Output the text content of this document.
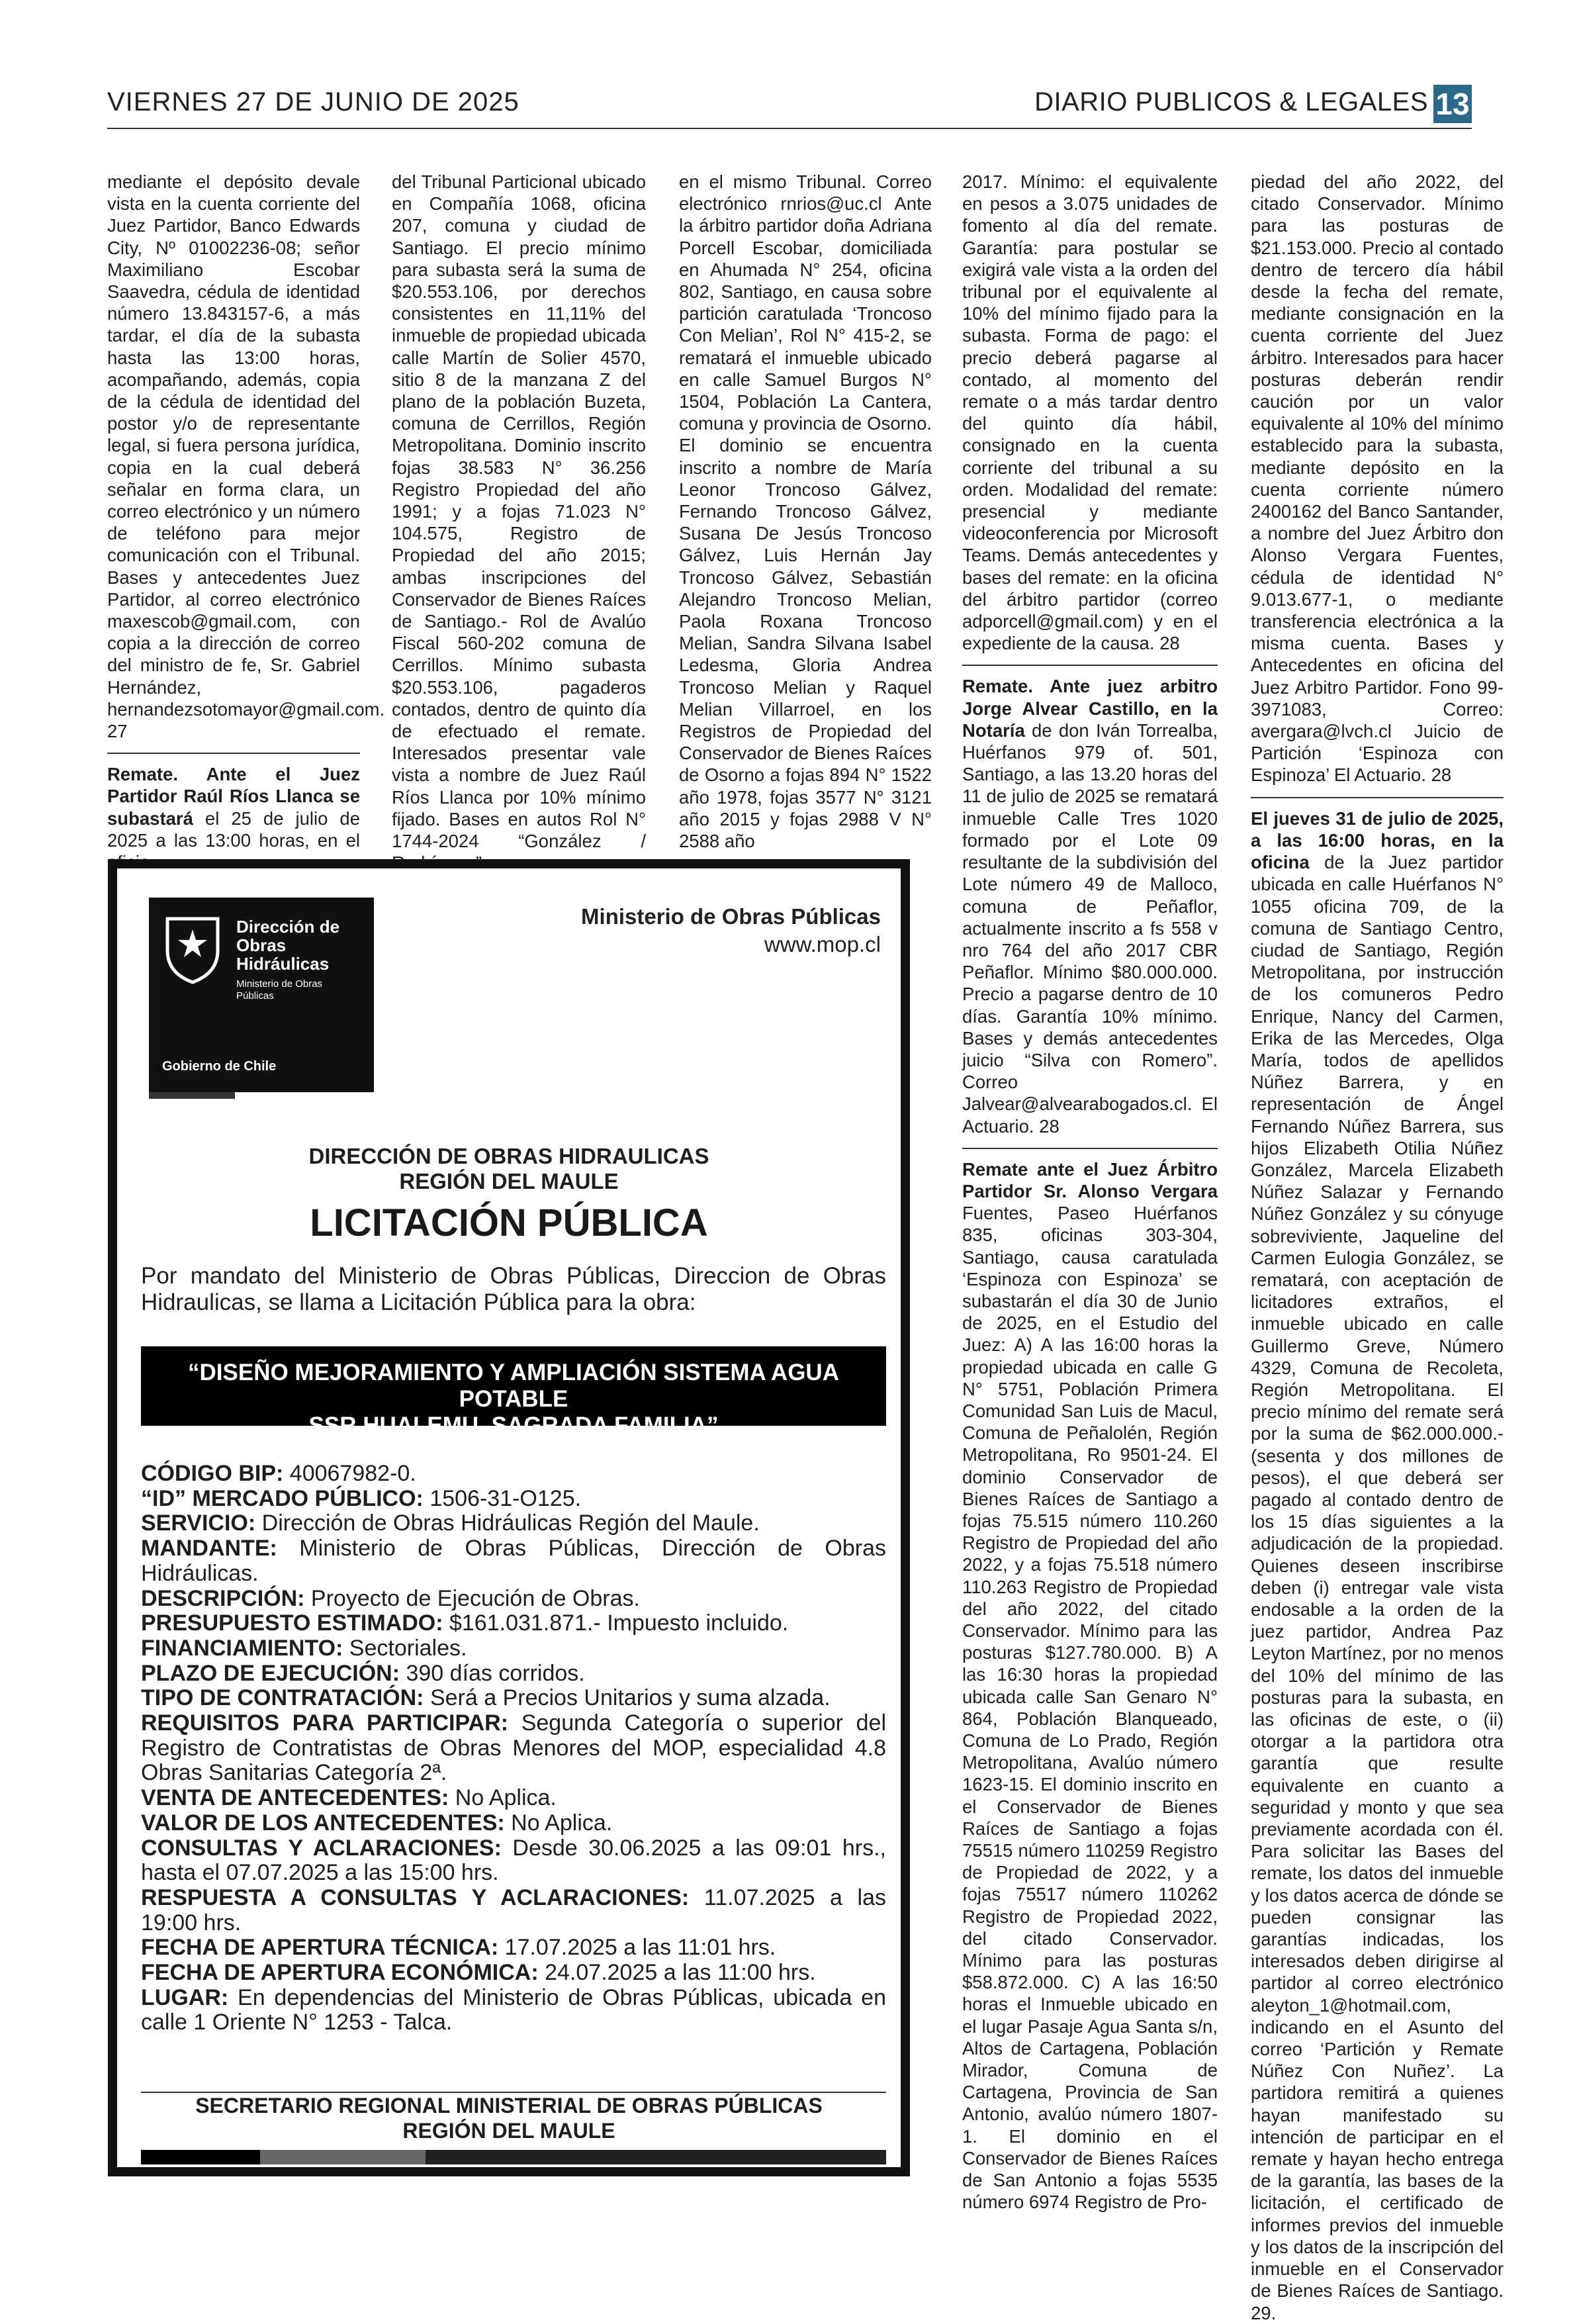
VIERNES 27 DE JUNIO DE 2025	DIARIO PUBLICOS & LEGALES 13

mediante el depósito devale vista en la cuenta corriente del Juez Partidor, Banco Edwards City, Nº 01002236-08; señor Maximiliano Escobar Saavedra, cédula de identidad número 13.843157-6, a más tardar, el día de la subasta hasta las 13:00 horas, acompañando, además, copia de la cédula de identidad del postor y/o de representante legal, si fuera persona jurídica, copia en la cual deberá señalar en forma clara, un correo electrónico y un número de teléfono para mejor comunicación con el Tribunal. Bases y antecedentes Juez Partidor, al correo electrónico maxescob@gmail.com, con copia a la dirección de correo del ministro de fe, Sr. Gabriel Hernández, hernandezsotomayor@gmail.com. 27

Remate. Ante el Juez Partidor Raúl Ríos Llanca se subastará el 25 de julio de 2025 a las 13:00 horas, en el

del Tribunal Particional ubicado en Compañía 1068, oficina 207, comuna y ciudad de Santiago. El precio mínimo para subasta será la suma de $20.553.106, por derechos consistentes en 11,11% del inmueble de propiedad ubicada calle Martín de Solier 4570, sitio 8 de la manzana Z del plano de la población Buzeta, comuna de Cerrillos, Región Metropolitana. Dominio inscrito fojas 38.583 N° 36.256 Registro Propiedad del año 1991; y a fojas 71.023 N° 104.575, Registro de Propiedad del año 2015; ambas inscripciones del Conservador de Bienes Raíces de Santiago.- Rol de Avalúo Fiscal 560-202 comuna de Cerrillos. Mínimo subasta $20.553.106, pagaderos contados, dentro de quinto día de efectuado el remate. Interesados presentar vale vista a nombre de Juez Raúl Ríos Llanca por 10% mínimo fijado. Bases en autos Rol N° 1744-2024 “González /

en el mismo Tribunal. Correo electrónico rnrios@uc.cl Ante la árbitro partidor doña Adriana Porcell Escobar, domiciliada en Ahumada N° 254, oficina 802, Santiago, en causa sobre partición caratulada ‘Troncoso Con Melian’, Rol N° 415-2, se rematará el inmueble ubicado en calle Samuel Burgos N° 1504, Población La Cantera, comuna y provincia de Osorno. El dominio se encuentra inscrito a nombre de María Leonor Troncoso Gálvez, Fernando Troncoso Gálvez, Susana De Jesús Troncoso Gálvez, Luis Hernán Jay Troncoso Gálvez, Sebastián Alejandro Troncoso Melian, Paola Roxana Troncoso Melian, Sandra Silvana Isabel Ledesma, Gloria Andrea Troncoso Melian y Raquel Melian Villarroel, en los Registros de Propiedad del Conservador de Bienes Raíces de Osorno a fojas 894 N° 1522 año 1978, fojas 3577 N° 3121 año 2015 y fojas 2988 V N° 2588 año

2017. Mínimo: el equivalente en pesos a 3.075 unidades de fomento al día del remate. Garantía: para postular se exigirá vale vista a la orden del tribunal por el equivalente al 10% del mínimo fijado para la subasta. Forma de pago: el precio deberá pagarse al contado, al momento del remate o a más tardar dentro del quinto día hábil, consignado en la cuenta corriente del tribunal a su orden. Modalidad del remate: presencial y mediante videoconferencia por Microsoft Teams. Demás antecedentes y bases del remate: en la oficina del árbitro partidor (correo adporcell@gmail.com) y en el expediente de la causa. 28

Remate. Ante juez arbitro Jorge Alvear Castillo, en la Notaría de don Iván Torrealba, Huérfanos 979 of. 501, Santiago, a las 13.20 horas del 11 de julio de 2025 se rematará inmueble Calle Tres 1020 formado por el Lote 09 resultante de la subdivisión del Lote número 49 de Malloco, comuna de Peñaflor, actualmente inscrito a fs 558 v nro 764 del año 2017 CBR Peñaflor. Mínimo $80.000.000. Precio a pagarse dentro de 10 días. Garantía 10% mínimo. Bases y demás antecedentes juicio “Silva con Romero”. Correo Jalvear@alvearabogados.cl. El Actuario. 28

Remate ante el Juez Árbitro Partidor Sr. Alonso Vergara Fuentes, Paseo Huérfanos 835, oficinas 303-304, Santiago, causa caratulada ‘Espinoza con Espinoza’ se subastarán el día 30 de Junio de 2025, en el Estudio del Juez: A) A las 16:00 horas la propiedad ubicada en calle G N° 5751, Población Primera Comunidad San Luis de Macul, Comuna de Peñalolén, Región Metropolitana, Ro 9501-24. El dominio Conservador de Bienes Raíces de Santiago a fojas 75.515 número 110.260 Registro de Propiedad del año 2022, y a fojas 75.518 número 110.263 Registro de Propiedad del año 2022, del citado Conservador. Mínimo para las posturas $127.780.000. B) A las 16:30 horas la propiedad ubicada calle San Genaro N° 864, Población Blanqueado, Comuna de Lo Prado, Región Metropolitana, Avalúo número 1623-15. El dominio inscrito en el Conservador de Bienes Raíces de Santiago a fojas 75515 número 110259 Registro de Propiedad de 2022, y a fojas 75517 número 110262 Registro de Propiedad 2022, del citado Conservador. Mínimo para las posturas $58.872.000. C) A las 16:50 horas el Inmueble ubicado en el lugar Pasaje Agua Santa s/n, Altos de Cartagena, Población Mirador, Comuna de Cartagena, Provincia de San Antonio, avalúo número 1807-1. El dominio en el Conservador de Bienes Raíces de San Antonio a fojas 5535 número 6974 Registro de Pro-

piedad del año 2022, del citado Conservador. Mínimo para las posturas de $21.153.000. Precio al contado dentro de tercero día hábil desde la fecha del remate, mediante consignación en la cuenta corriente del Juez árbitro. Interesados para hacer posturas deberán rendir caución por un valor equivalente al 10% del mínimo establecido para la subasta, mediante depósito en la cuenta corriente número 2400162 del Banco Santander, a nombre del Juez Árbitro don Alonso Vergara Fuentes, cédula de identidad N° 9.013.677-1, o mediante transferencia electrónica a la misma cuenta. Bases y Antecedentes en oficina del Juez Arbitro Partidor. Fono 99-3971083, Correo: avergara@lvch.cl Juicio de Partición ‘Espinoza con Espinoza’ El Actuario. 28

El jueves 31 de julio de 2025, a las 16:00 horas, en la oficina de la Juez partidor ubicada en calle Huérfanos N° 1055 oficina 709, de la comuna de Santiago Centro, ciudad de Santiago, Región Metropolitana, por instrucción de los comuneros Pedro Enrique, Nancy del Carmen, Erika de las Mercedes, Olga María, todos de apellidos Núñez Barrera, y en representación de Ángel Fernando Núñez Barrera, sus hijos Elizabeth Otilia Núñez González, Marcela Elizabeth Núñez Salazar y Fernando Núñez González y su cónyuge sobreviviente, Jaqueline del Carmen Eulogia González, se rematará, con aceptación de licitadores extraños, el inmueble ubicado en calle Guillermo Greve, Número 4329, Comuna de Recoleta, Región Metropolitana. El precio mínimo del remate será por la suma de $62.000.000.- (sesenta y dos millones de pesos), el que deberá ser pagado al contado dentro de los 15 días siguientes a la adjudicación de la propiedad. Quienes deseen inscribirse deben (i) entregar vale vista endosable a la orden de la juez partidor, Andrea Paz Leyton Martínez, por no menos del 10% del mínimo de las posturas para la subasta, en las oficinas de este, o (ii) otorgar a la partidora otra garantía que resulte equivalente en cuanto a seguridad y monto y que sea previamente acordada con él. Para solicitar las Bases del remate, los datos del inmueble y los datos acerca de dónde se pueden consignar las garantías indicadas, los interesados deben dirigirse al partidor al correo electrónico aleyton_1@hotmail.com, indicando en el Asunto del correo ‘Partición y Remate Núñez Con Nuñez’. La partidora remitirá a quienes hayan manifestado su intención de participar en el remate y hayan hecho entrega de la garantía, las bases de la licitación, el certificado de informes previos del inmueble y los datos de la inscripción del inmueble en el Conservador de Bienes Raíces de Santiago. 29.

Dirección de
Obras
Hidráulicas
Ministerio de Obras
Públicas
Gobierno de Chile
Ministerio de Obras Públicas
www.mop.cl
DIRECCIÓN DE OBRAS HIDRAULICAS
REGIÓN DEL MAULE
LICITACIÓN PÚBLICA
Por mandato del Ministerio de Obras Públicas, Direccion de Obras Hidraulicas, se llama a Licitación Pública para la obra:
“DISEÑO MEJORAMIENTO Y AMPLIACIÓN SISTEMA AGUA POTABLE
SSR HUALEMU, SAGRADA FAMILIA”

CÓDIGO BIP: 40067982-0.

“ID” MERCADO PÚBLICO: 1506-31-O125.

SERVICIO: Dirección de Obras Hidráulicas Región del Maule.

MANDANTE: Ministerio de Obras Públicas, Dirección de Obras Hidráulicas.

DESCRIPCIÓN: Proyecto de Ejecución de Obras.

PRESUPUESTO ESTIMADO: $161.031.871.- Impuesto incluido.

FINANCIAMIENTO: Sectoriales.

PLAZO DE EJECUCIÓN: 390 días corridos.

TIPO DE CONTRATACIÓN: Será a Precios Unitarios y suma alzada.

REQUISITOS PARA PARTICIPAR: Segunda Categoría o superior del Registro de Contratistas de Obras Menores del MOP, especialidad 4.8 Obras Sanitarias Categoría 2ª.

VENTA DE ANTECEDENTES: No Aplica.

VALOR DE LOS ANTECEDENTES: No Aplica.

CONSULTAS Y ACLARACIONES: Desde 30.06.2025 a las 09:01 hrs., hasta el 07.07.2025 a las 15:00 hrs.

RESPUESTA A CONSULTAS Y ACLARACIONES: 11.07.2025 a las 19:00 hrs.

FECHA DE APERTURA TÉCNICA: 17.07.2025 a las 11:01 hrs.

FECHA DE APERTURA ECONÓMICA: 24.07.2025 a las 11:00 hrs.

LUGAR: En dependencias del Ministerio de Obras Públicas, ubicada en calle 1 Oriente N° 1253 - Talca.

SECRETARIO REGIONAL MINISTERIAL DE OBRAS PÚBLICAS
REGIÓN DEL MAULE
